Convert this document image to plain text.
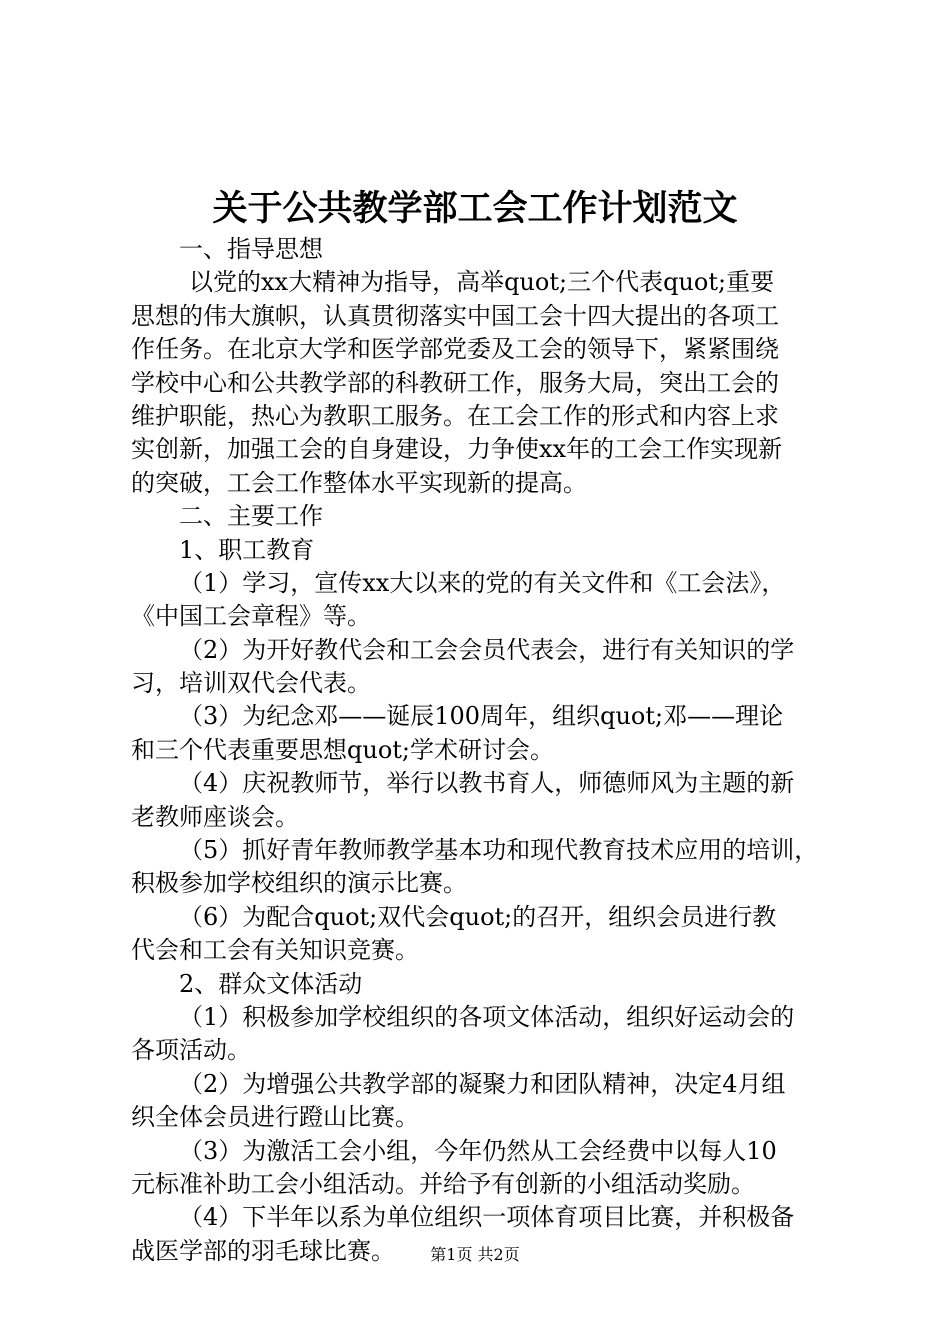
关于公共教学部工会工作计划范文
一、指导思想
以党的xx大精神为指导，高举quot;三个代表quot;重要
思想的伟大旗帜，认真贯彻落实中国工会十四大提出的各项工
作任务。在北京大学和医学部党委及工会的领导下，紧紧围绕
学校中心和公共教学部的科教研工作，服务大局，突出工会的
维护职能，热心为教职工服务。在工会工作的形式和内容上求
实创新，加强工会的自身建设，力争使xx年的工会工作实现新
的突破，工会工作整体水平实现新的提高。
二、主要工作
1、职工教育
（1）学习，宣传xx大以来的党的有关文件和《工会法》，
《中国工会章程》等。
（2）为开好教代会和工会会员代表会，进行有关知识的学
习，培训双代会代表。
（3）为纪念邓——诞辰100周年，组织quot;邓——理论
和三个代表重要思想quot;学术研讨会。
（4）庆祝教师节，举行以教书育人，师德师风为主题的新
老教师座谈会。
（5）抓好青年教师教学基本功和现代教育技术应用的培训，
积极参加学校组织的演示比赛。
（6）为配合quot;双代会quot;的召开，组织会员进行教
代会和工会有关知识竞赛。
2、群众文体活动
（1）积极参加学校组织的各项文体活动，组织好运动会的
各项活动。
（2）为增强公共教学部的凝聚力和团队精神，决定4月组
织全体会员进行蹬山比赛。
（3）为激活工会小组，今年仍然从工会经费中以每人10
元标准补助工会小组活动。并给予有创新的小组活动奖励。
（4）下半年以系为单位组织一项体育项目比赛，并积极备
战医学部的羽毛球比赛。	第1页 共2页
